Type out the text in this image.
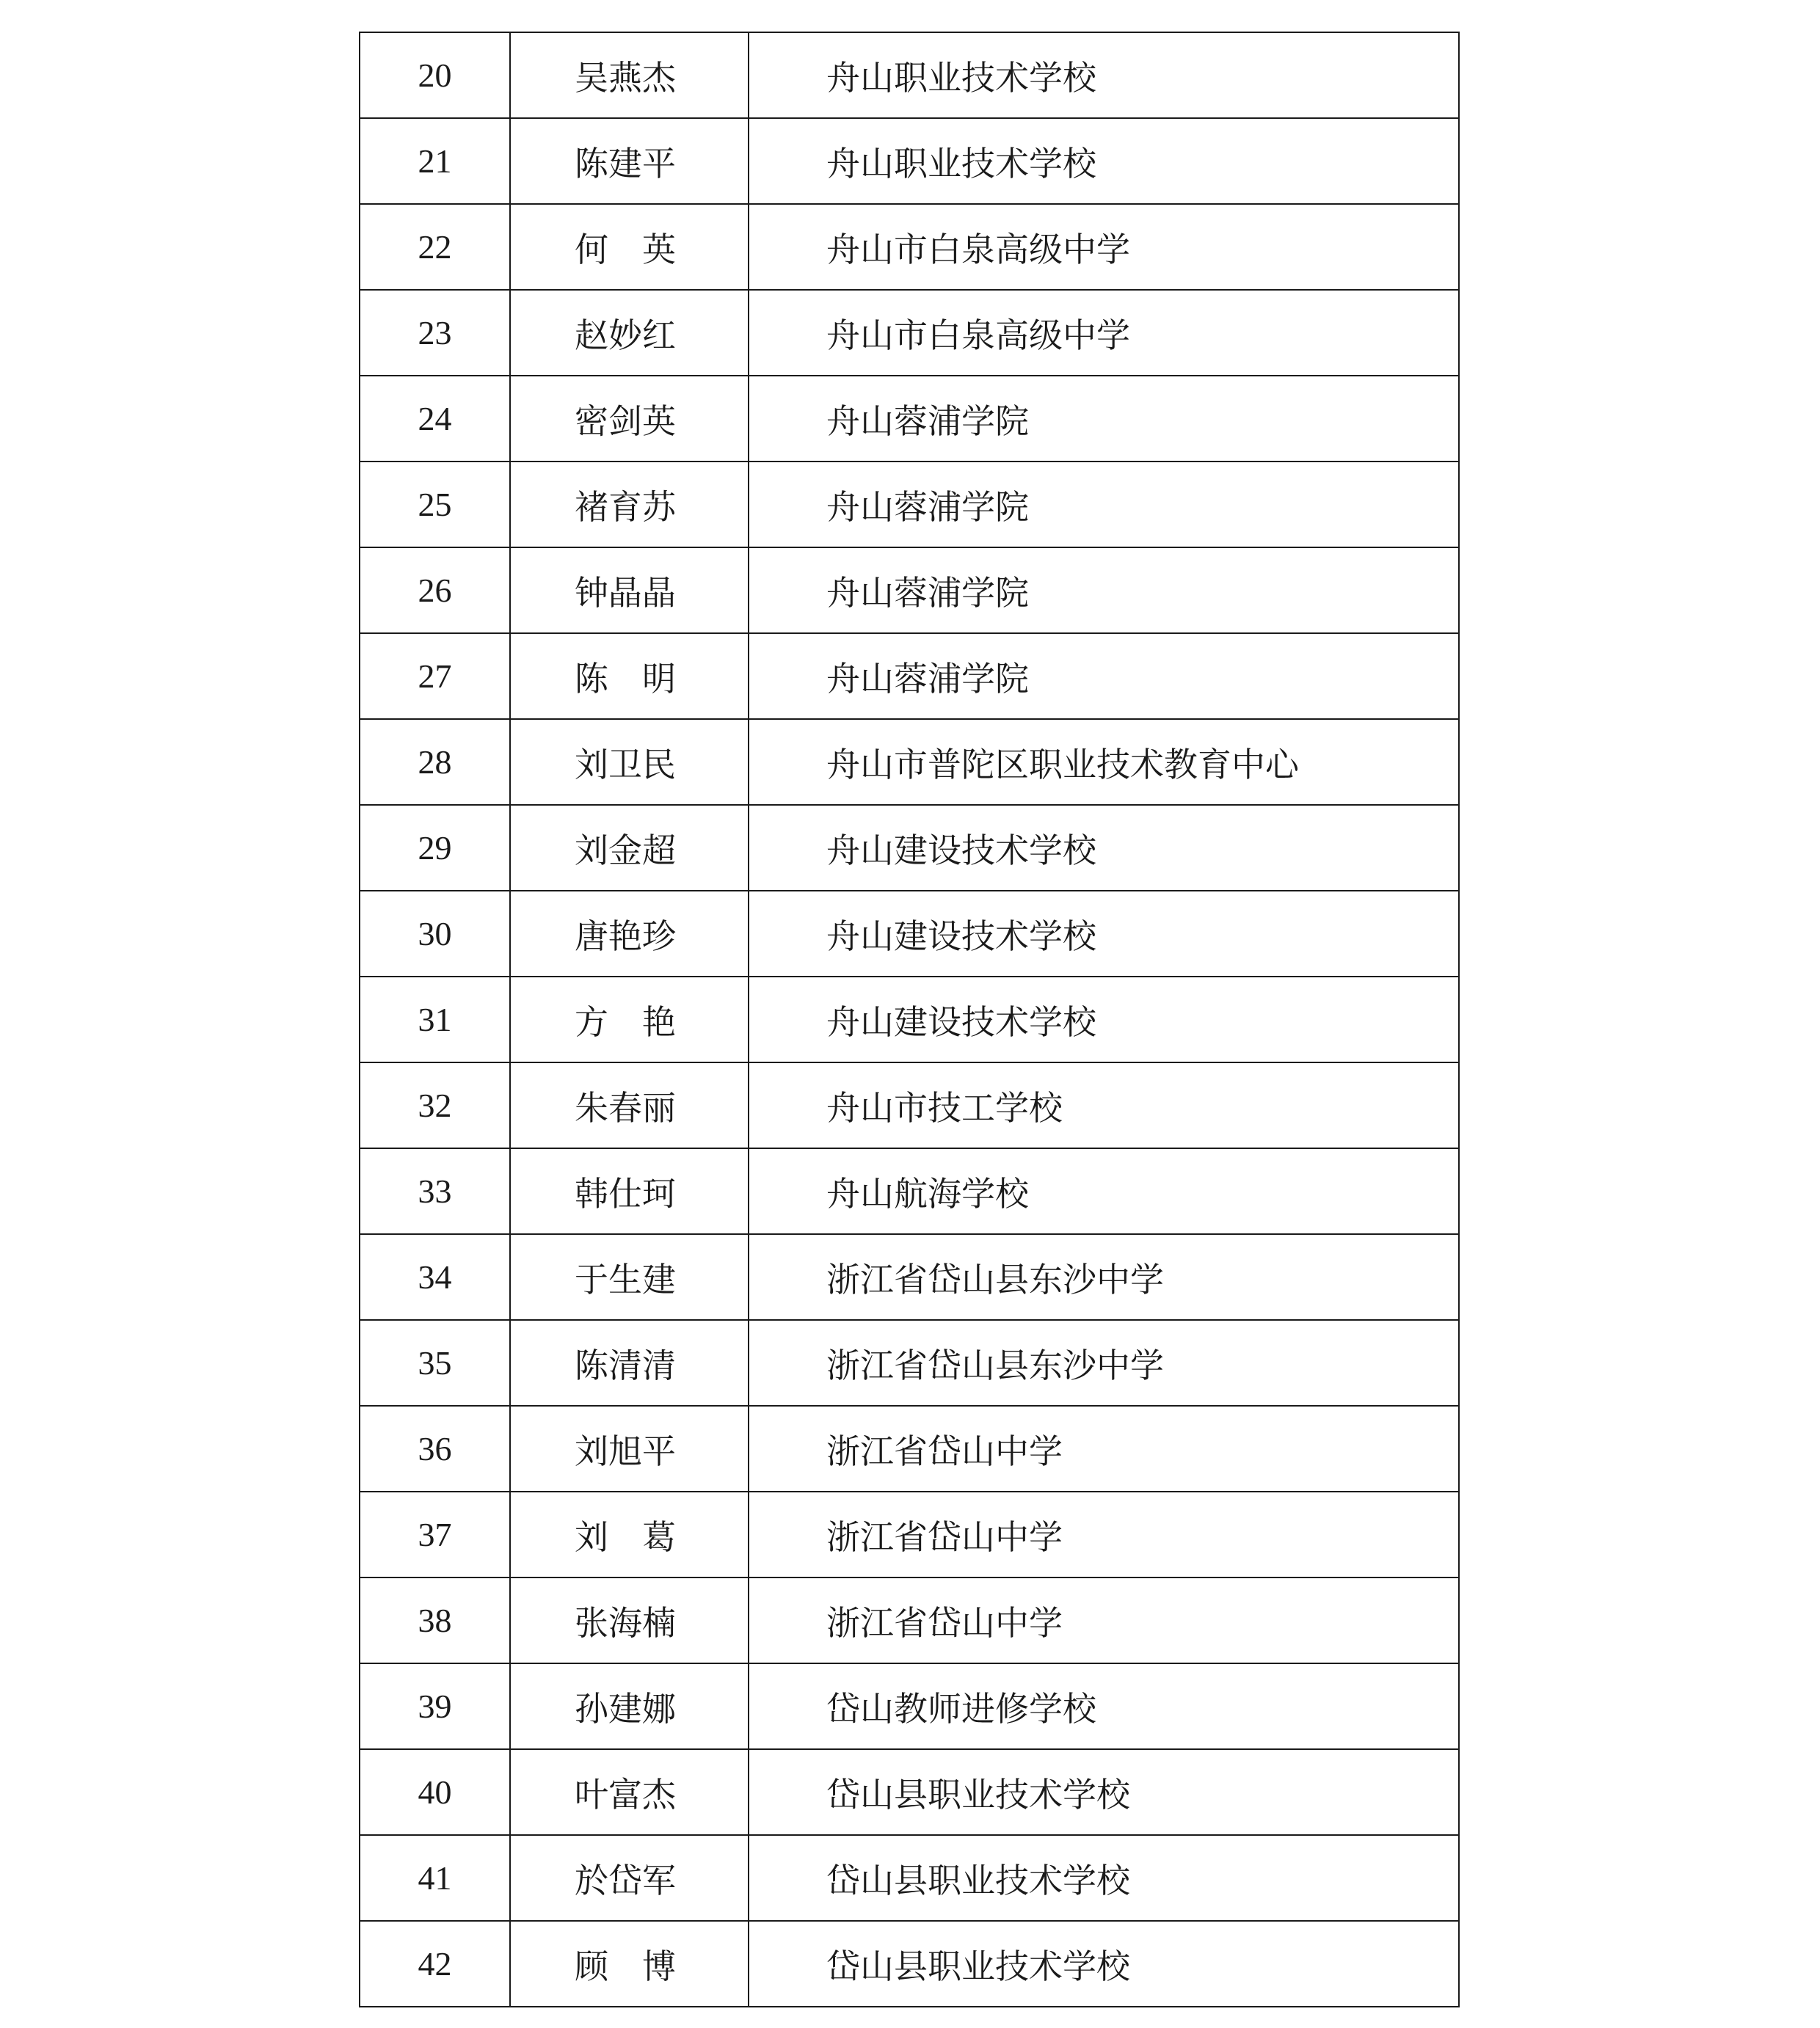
20	吴燕杰	舟山职业技术学校
21	陈建平	舟山职业技术学校
22	何　英	舟山市白泉高级中学
23	赵妙红	舟山市白泉高级中学
24	密剑英	舟山蓉浦学院
25	褚育苏	舟山蓉浦学院
26	钟晶晶	舟山蓉浦学院
27	陈　明	舟山蓉浦学院
28	刘卫民	舟山市普陀区职业技术教育中心
29	刘金超	舟山建设技术学校
30	唐艳珍	舟山建设技术学校
31	方　艳	舟山建设技术学校
32	朱春丽	舟山市技工学校
33	韩仕珂	舟山航海学校
34	于生建	浙江省岱山县东沙中学
35	陈清清	浙江省岱山县东沙中学
36	刘旭平	浙江省岱山中学
37	刘　葛	浙江省岱山中学
38	张海楠	浙江省岱山中学
39	孙建娜	岱山教师进修学校
40	叶富杰	岱山县职业技术学校
41	於岱军	岱山县职业技术学校
42	顾　博	岱山县职业技术学校
